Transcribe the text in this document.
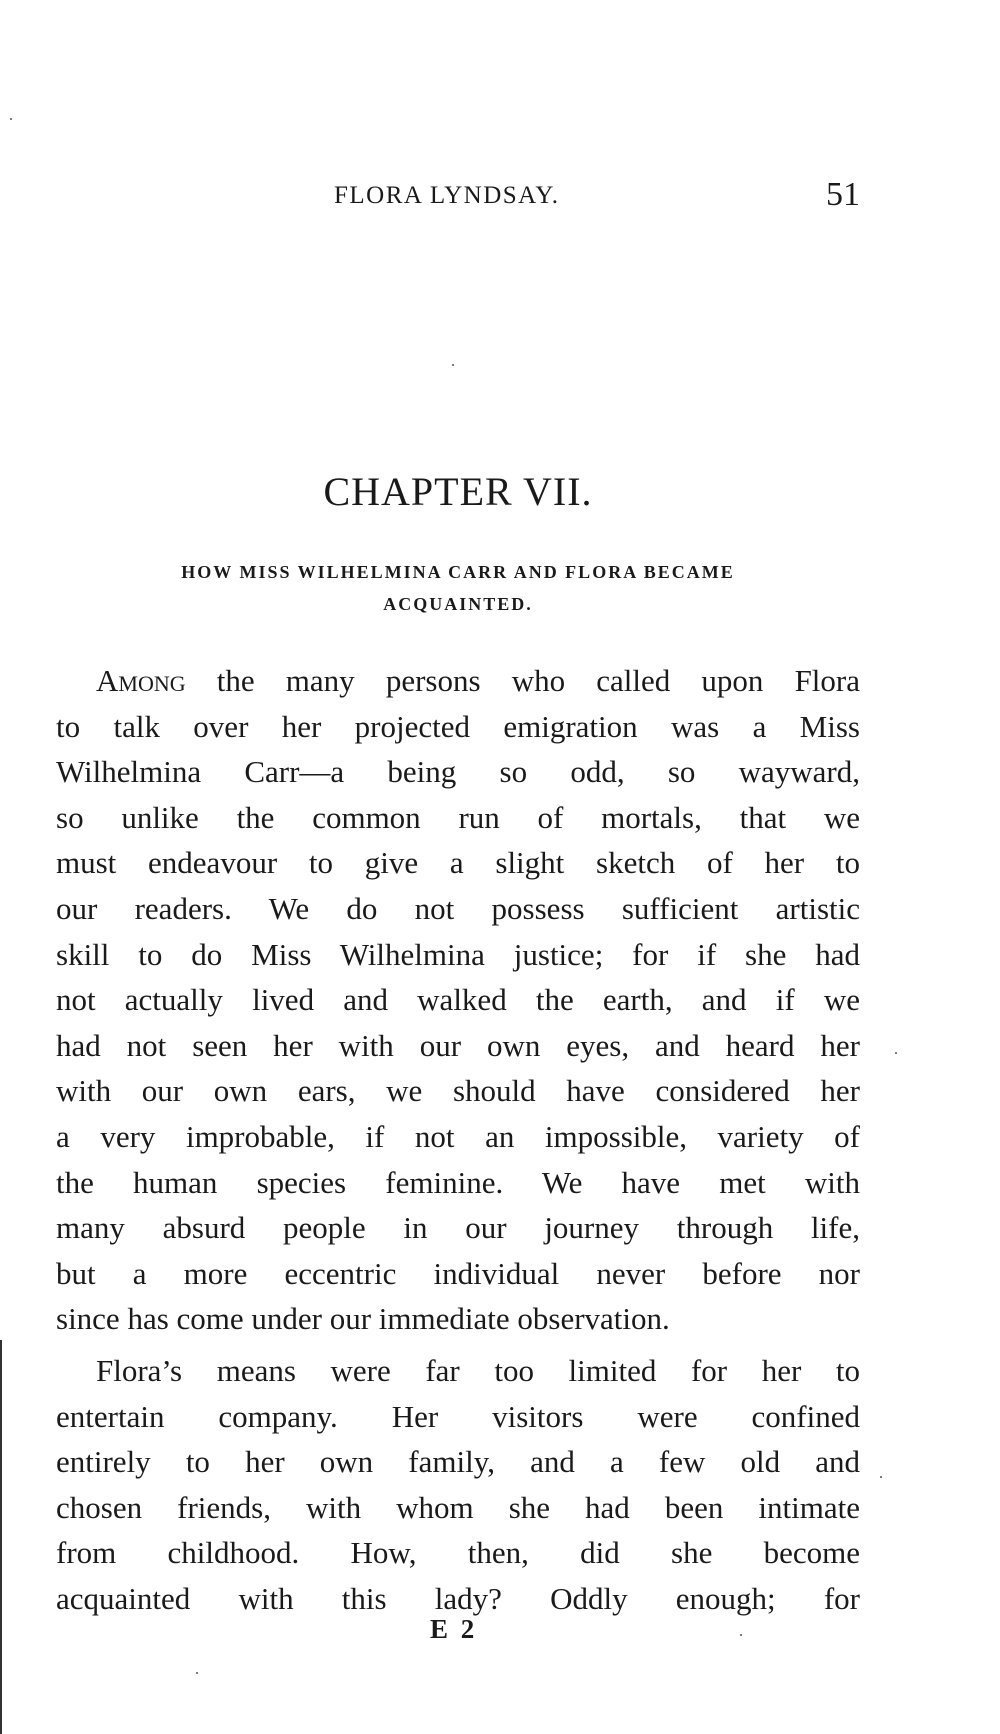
FLORA LYNDSAY.	51
CHAPTER VII.
HOW MISS WILHELMINA CARR AND FLORA BECAME
ACQUAINTED.
Among the many persons who called upon Flora
to talk over her projected emigration was a Miss
Wilhelmina Carr—a being so odd, so wayward,
so unlike the common run of mortals, that we
must endeavour to give a slight sketch of her to
our readers. We do not possess sufficient artistic
skill to do Miss Wilhelmina justice; for if she had
not actually lived and walked the earth, and if we
had not seen her with our own eyes, and heard her
with our own ears, we should have considered her
a very improbable, if not an impossible, variety of
the human species feminine. We have met with
many absurd people in our journey through life,
but a more eccentric individual never before nor
since has come under our immediate observation.
Flora’s means were far too limited for her to
entertain company. Her visitors were confined
entirely to her own family, and a few old and
chosen friends, with whom she had been intimate
from childhood. How, then, did she become
acquainted with this lady? Oddly enough; for
E 2
